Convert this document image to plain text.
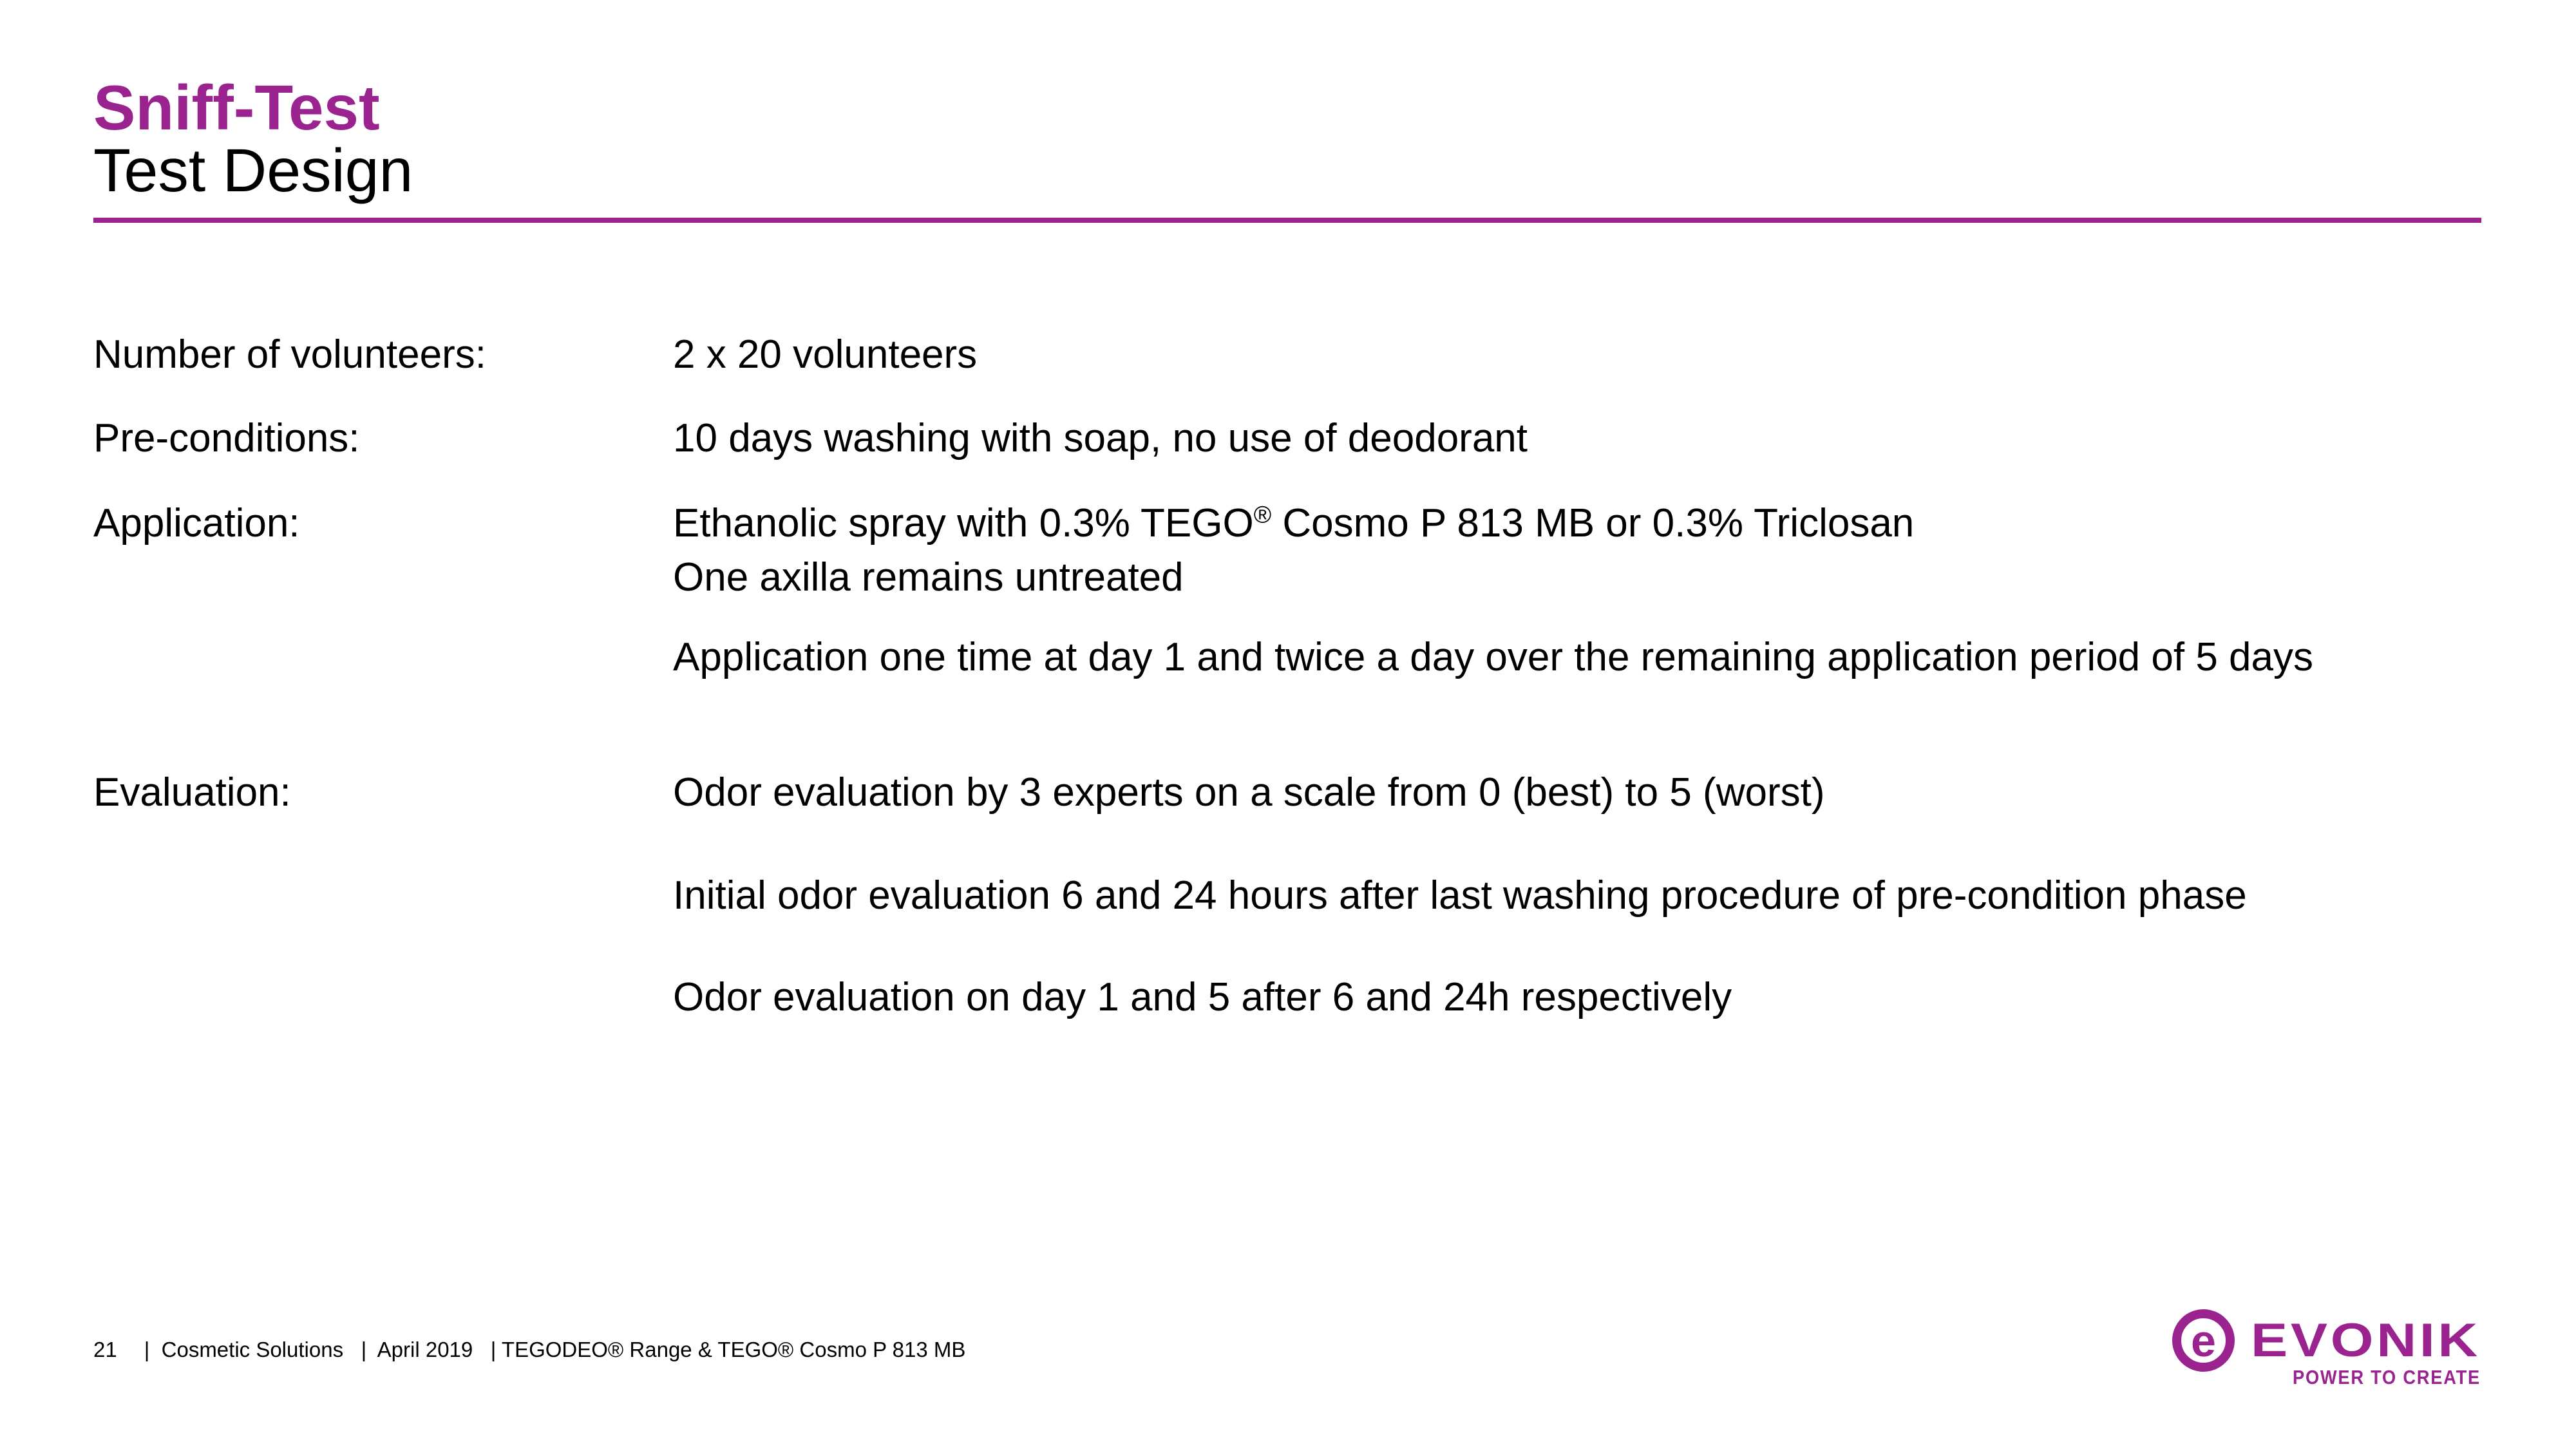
Sniff-Test
Test Design
Number of volunteers:	2 x 20 volunteers
Pre-conditions:	10 days washing with soap, no use of deodorant
Application:	Ethanolic spray with 0.3% TEGO® Cosmo P 813 MB or 0.3% Triclosan
One axilla remains untreated
Application one time at day 1 and twice a day over the remaining application period of 5 days
Evaluation:	Odor evaluation by 3 experts on a scale from 0 (best) to 5 (worst)
Initial odor evaluation 6 and 24 hours after last washing procedure of pre-condition phase
Odor evaluation on day 1 and 5 after 6 and 24h respectively
21 |  Cosmetic Solutions   |  April 2019   | TEGODEO® Range & TEGO® Cosmo P 813 MB	e EVONIK
POWER TO CREATE
